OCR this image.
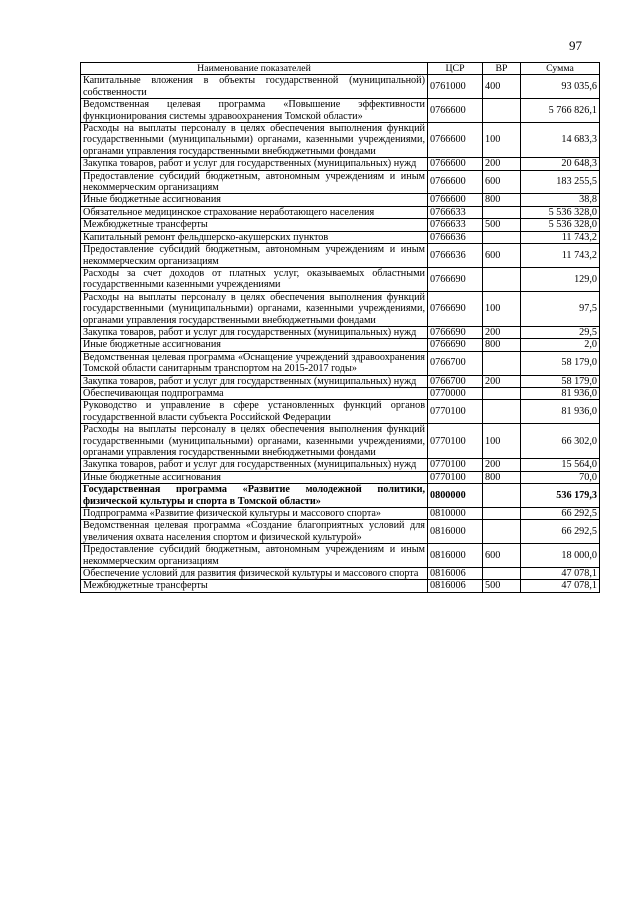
97
Наименование показателей	ЦСР	ВР	Сумма
Капитальные вложения в объекты государственной (муниципальной) собственности	0761000	400	93 035,6
Ведомственная целевая программа «Повышение эффективности функционирования системы здравоохранения Томской области»	0766600		5 766 826,1
Расходы на выплаты персоналу в целях обеспечения выполнения функций государственными (муниципальными) органами, казенными учреждениями, органами управления государственными внебюджетными фондами	0766600	100	14 683,3
Закупка товаров, работ и услуг для государственных (муниципальных) нужд	0766600	200	20 648,3
Предоставление субсидий бюджетным, автономным учреждениям и иным некоммерческим организациям	0766600	600	183 255,5
Иные бюджетные ассигнования	0766600	800	38,8
Обязательное медицинское страхование неработающего населения	0766633		5 536 328,0
Межбюджетные трансферты	0766633	500	5 536 328,0
Капитальный ремонт фельдшерско-акушерских пунктов	0766636		11 743,2
Предоставление субсидий бюджетным, автономным учреждениям и иным некоммерческим организациям	0766636	600	11 743,2
Расходы за счет доходов от платных услуг, оказываемых областными государственными казенными учреждениями	0766690		129,0
Расходы на выплаты персоналу в целях обеспечения выполнения функций государственными (муниципальными) органами, казенными учреждениями, органами управления государственными внебюджетными фондами	0766690	100	97,5
Закупка товаров, работ и услуг для государственных (муниципальных) нужд	0766690	200	29,5
Иные бюджетные ассигнования	0766690	800	2,0
Ведомственная целевая программа «Оснащение учреждений здравоохранения Томской области санитарным транспортом на 2015-2017 годы»	0766700		58 179,0
Закупка товаров, работ и услуг для государственных (муниципальных) нужд	0766700	200	58 179,0
Обеспечивающая подпрограмма	0770000		81 936,0
Руководство и управление в сфере установленных функций органов государственной власти субъекта Российской Федерации	0770100		81 936,0
Расходы на выплаты персоналу в целях обеспечения выполнения функций государственными (муниципальными) органами, казенными учреждениями, органами управления государственными внебюджетными фондами	0770100	100	66 302,0
Закупка товаров, работ и услуг для государственных (муниципальных) нужд	0770100	200	15 564,0
Иные бюджетные ассигнования	0770100	800	70,0
Государственная программа «Развитие молодежной политики, физической культуры и спорта в Томской области»	0800000		536 179,3
Подпрограмма «Развитие физической культуры и массового спорта»	0810000		66 292,5
Ведомственная целевая программа «Создание благоприятных условий для увеличения охвата населения спортом и физической культурой»	0816000		66 292,5
Предоставление субсидий бюджетным, автономным учреждениям и иным некоммерческим организациям	0816000	600	18 000,0
Обеспечение условий для развития физической культуры и массового спорта	0816006		47 078,1
Межбюджетные трансферты	0816006	500	47 078,1
